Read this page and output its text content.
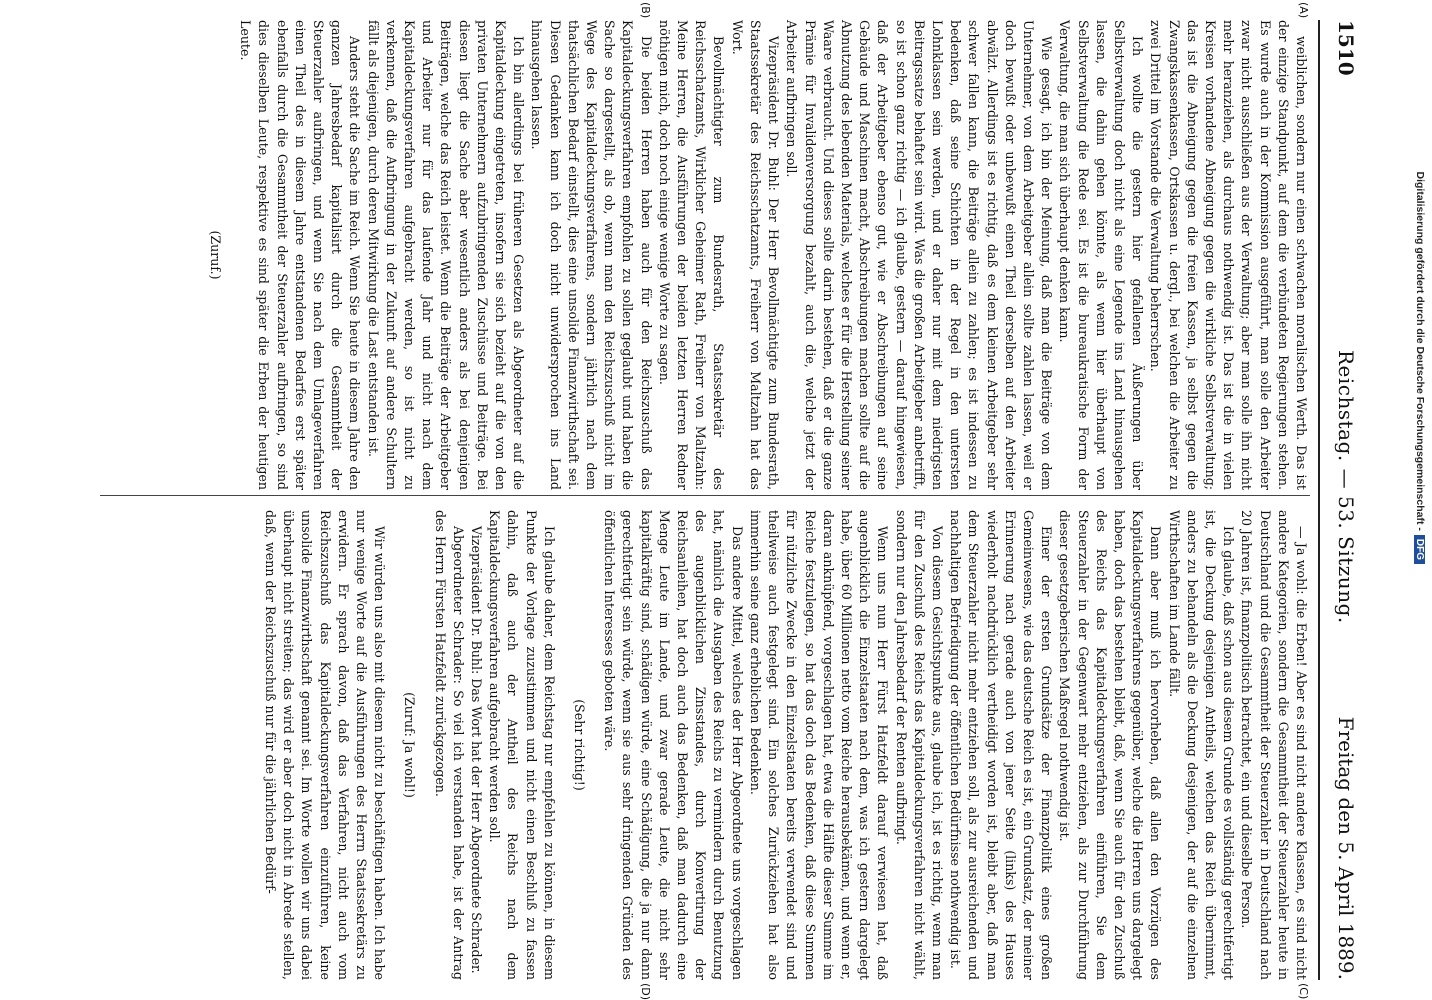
Digitalisierung gefördert durch die Deutsche Forschungsgemeinschaft -DFG
1510
Reichstag. — 53. Sitzung.
Freitag den 5. April 1889.
(A)
(B)
(C)
(D)

weiblichen, sondern nur einen schwachen moralischen Werth. Das ist der einzige Standpunkt, auf dem die verbündeten Regierungen stehen. Es wurde auch in der Kommission ausgeführt, man solle den Arbeiter zwar nicht ausschließen aus der Verwaltung; aber man solle ihn nicht mehr heranziehen, als durchaus nothwendig ist. Das ist die in vielen Kreisen vorhandene Abneigung gegen die wirkliche Selbstverwaltung; das ist die Abneigung gegen die freien Kassen, ja selbst gegen die Zwangskassenkassen, Ortskassen u. dergl., bei welchen die Arbeiter zu zwei Drittel im Vorstande die Verwaltung beherrschen.

Ich wollte die gestern hier gefallenen Äußerungen über Selbstverwaltung doch nicht als eine Legende ins Land hinausgehen lassen, die dahin gehen könnte, als wenn hier überhaupt von Selbstverwaltung die Rede sei. Es ist die bureaukratische Form der Verwaltung, die man sich überhaupt denken kann.

Wie gesagt, ich bin der Meinung, daß man die Beiträge von dem Unternehmer, von dem Arbeitgeber allein sollte zahlen lassen, weil er doch bewußt oder unbewußt einen Theil derselben auf den Arbeiter abwälzt. Allerdings ist es richtig, daß es dem kleinen Arbeitgeber sehr schwer fallen kann, die Beiträge allein zu zahlen; es ist indessen zu bedenken, daß seine Schichten in der Regel in den untersten Lohnklassen sein werden, und er daher nur mit dem niedrigsten Beitragssatze behaftet sein wird. Was die großen Arbeitgeber anbetrifft, so ist schon ganz richtig — ich glaube, gestern — darauf hingewiesen, daß der Arbeitgeber ebenso gut, wie er Abschreibungen auf seine Gebäude und Maschinen macht, Abschreibungen machen sollte auf die Abnutzung des lebenden Materials, welches er für die Herstellung seiner Waare verbraucht. Und dieses sollte darin bestehen, daß er die ganze Prämie für Invalidenversorgung bezahlt, auch die, welche jetzt der Arbeiter aufbringen soll.

Vizepräsident Dr. Buhl: Der Herr Bevollmächtigte zum Bundesrath, Staatssekretär des Reichsschatzamts, Freiherr von Maltzahn hat das Wort.

Bevollmächtigter zum Bundesrath, Staatssekretär des Reichsschatzamts, Wirklicher Geheimer Rath, Freiherr von Maltzahn: Meine Herren, die Ausführungen der beiden letzten Herren Redner nöthigen mich, doch noch einige wenige Worte zu sagen.

Die beiden Herren haben auch für den Reichszuschuß das Kapitaldeckungsverfahren empfohlen zu sollen geglaubt und haben die Sache so dargestellt, als ob, wenn man den Reichszuschuß nicht im Wege des Kapitaldeckungsverfahrens, sondern jährlich nach dem thatsächlichen Bedarf einstellt, dies eine unsolide Finanzwirthschaft sei. Diesen Gedanken kann ich doch nicht unwidersprochen ins Land hinausgehen lassen.

Ich bin allerdings bei früheren Gesetzen als Abgeordneter auf die Kapitaldeckung eingetreten, insofern sie sich bezieht auf die von den privaten Unternehmern aufzubringenden Zuschüsse und Beiträge. Bei diesen liegt die Sache aber wesentlich anders als bei denjenigen Beiträgen, welche das Reich leistet. Wenn die Beiträge der Arbeitgeber und Arbeiter nur für das laufende Jahr und nicht nach dem Kapitaldeckungsverfahren aufgebracht werden, so ist nicht zu verkennen, daß die Aufbringung in der Zukunft auf andere Schultern fällt als diejenigen, durch deren Mitwirkung die Last entstanden ist.

Anders steht die Sache im Reich. Wenn Sie heute in diesem Jahre den ganzen Jahresbedarf kapitalisirt durch die Gesammtheit der Steuerzahler aufbringen, und wenn Sie nach dem Umlageverfahren einen Theil des in diesem Jahre entstandenen Bedarfes erst später ebenfalls durch die Gesammtheit der Steuerzahler aufbringen, so sind dies dieselben Leute, respektive es sind später die Erben der heutigen Leute.

(Zuruf.)

— Ja wohl: die Erben! Aber es sind nicht andere Klassen, es sind nicht andere Kategorien, sondern die Gesammtheit der Steuerzahler heute in Deutschland und die Gesammtheit der Steuerzahler in Deutschland nach 20 Jahren ist, finanzpolitisch betrachtet, ein und dieselbe Person.

Ich glaube, daß schon aus diesem Grunde es vollständig gerechtfertigt ist, die Deckung desjenigen Antheils, welchen das Reich übernimmt, anders zu behandeln als die Deckung desjenigen, der auf die einzelnen Wirthschaften im Lande fällt.

Dann aber muß ich hervorheben, daß allen den Vorzügen des Kapitaldeckungsverfahrens gegenüber, welche die Herren uns dargelegt haben, doch das bestehen bleibt, daß, wenn Sie auch für den Zuschuß des Reichs das Kapitaldeckungsverfahren einführen, Sie dem Steuerzahler in der Gegenwart mehr entziehen, als zur Durchführung dieser gesetzgeberischen Maßregel nothwendig ist.

Einer der ersten Grundsätze der Finanzpolitik eines großen Gemeinwesens, wie das deutsche Reich es ist, ein Grundsatz, der meiner Erinnerung nach gerade auch von jener Seite (links) des Hauses wiederholt nachdrücklich vertheidigt worden ist, bleibt aber, daß man dem Steuerzahler nicht mehr entziehen soll, als zur ausreichenden und nachhaltigen Befriedigung der öffentlichen Bedürfnisse nothwendig ist.

Von diesem Gesichtspunkte aus, glaube ich, ist es richtig, wenn man für den Zuschuß des Reichs das Kapitaldeckungsverfahren nicht wählt, sondern nur den Jahresbedarf der Renten aufbringt.

Wenn uns nun Herr Fürst Hatzfeldt darauf verwiesen hat, daß augenblicklich die Einzelstaaten nach dem, was ich gestern dargelegt habe, über 60 Millionen netto vom Reiche herausbekämen, und wenn er, daran anknüpfend, vorgeschlagen hat, etwa die Hälfte dieser Summe im Reiche festzulegen, so hat das doch das Bedenken, daß diese Summen für nützliche Zwecke in den Einzelstaaten bereits verwendet sind und theilweise auch festgelegt sind. Ein solches Zurückziehen hat also immerhin seine ganz erheblichen Bedenken.

Das andere Mittel, welches der Herr Abgeordnete uns vorgeschlagen hat, nämlich die Ausgaben des Reichs zu vermindern durch Benutzung des augenblicklichen Zinsstandes, durch Konvertirung der Reichsanleihen, hat doch auch das Bedenken, daß man dadurch eine Menge Leute im Lande, und zwar gerade Leute, die nicht sehr kapitalkräftig sind, schädigen würde, eine Schädigung, die ja nur dann gerechtfertigt sein würde, wenn sie aus sehr dringenden Gründen des öffentlichen Interesses geboten wäre.

(Sehr richtig!)

Ich glaube daher, dem Reichstag nur empfehlen zu können, in diesem Punkte der Vorlage zuzustimmen und nicht einen Beschluß zu fassen dahin, daß auch der Antheil des Reichs nach dem Kapitaldeckungsverfahren aufgebracht werden soll.

Vizepräsident Dr. Buhl: Das Wort hat der Herr Abgeordnete Schrader.

Abgeordneter Schrader: So viel ich verstanden habe, ist der Antrag des Herrn Fürsten Hatzfeldt zurückgezogen.

(Zuruf: Ja wohl!)

Wir würden uns also mit diesem nicht zu beschäftigen haben. Ich habe nur wenige Worte auf die Ausführungen des Herrn Staatssekretärs zu erwidern. Er sprach davon, daß das Verfahren, nicht auch vom Reichszuschuß das Kapitaldeckungsverfahren einzuführen, keine unsolide Finanzwirthschaft genannt sei. Im Worte wollen wir uns dabei überhaupt nicht streiten; das wird er aber doch nicht in Abrede stellen, daß, wenn der Reichszuschuß nur für die jährlichen Bedürf-
